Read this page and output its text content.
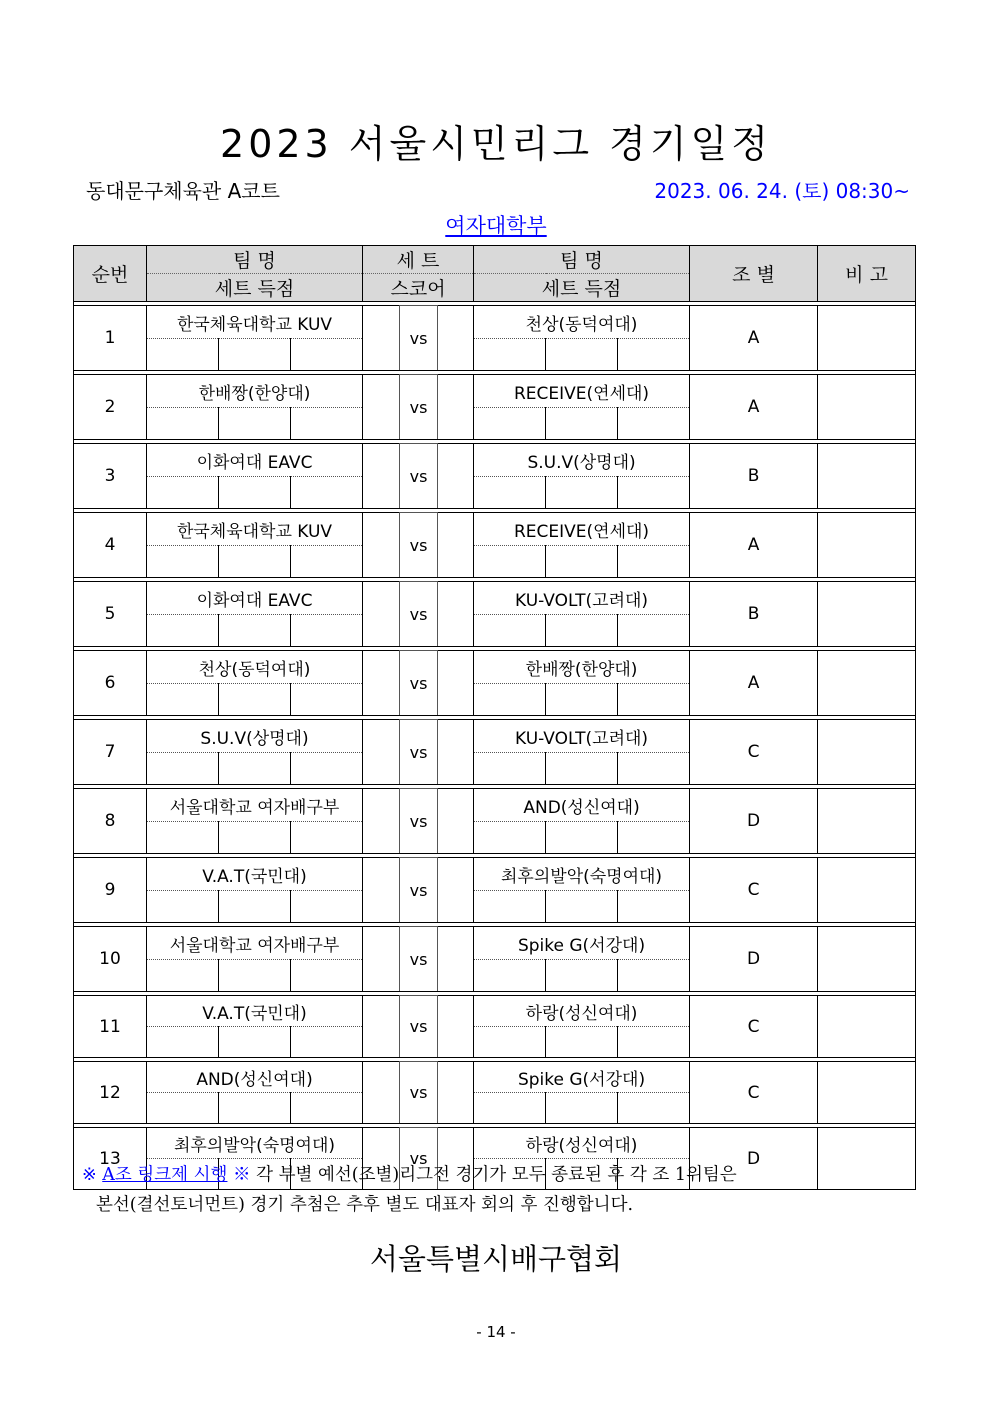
2023 서울시민리그 경기일정
동대문구체육관 A코트	2023. 06. 24. (토) 08:30~
여자대학부
순번	팀 명			세 트			팀 명			조 별	비 고
	세트 득점			스코어			세트 득점				

1	한국체육대학교 KUV				vs		천상(동덕여대)			A	

2	한배짱(한양대)				vs		RECEIVE(연세대)			A	

3	이화여대 EAVC				vs		S.U.V(상명대)			B	

4	한국체육대학교 KUV				vs		RECEIVE(연세대)			A	

5	이화여대 EAVC				vs		KU-VOLT(고려대)			B	

6	천상(동덕여대)				vs		한배짱(한양대)			A	

7	S.U.V(상명대)				vs		KU-VOLT(고려대)			C	

8	서울대학교 여자배구부				vs		AND(성신여대)			D	

9	V.A.T(국민대)				vs		최후의발악(숙명여대)			C	

10	서울대학교 여자배구부				vs		Spike G(서강대)			D	

11	V.A.T(국민대)				vs		하랑(성신여대)			C	

12	AND(성신여대)				vs		Spike G(서강대)			C	

13	최후의발악(숙명여대)				vs		하랑(성신여대)			D	

※ A조 링크제 시행 ※ 각 부별 예선(조별)리그전 경기가 모두 종료된 후 각 조 1위팀은
본선(결선토너먼트) 경기 추첨은 추후 별도 대표자 회의 후 진행합니다.
서울특별시배구협회
- 14 -
